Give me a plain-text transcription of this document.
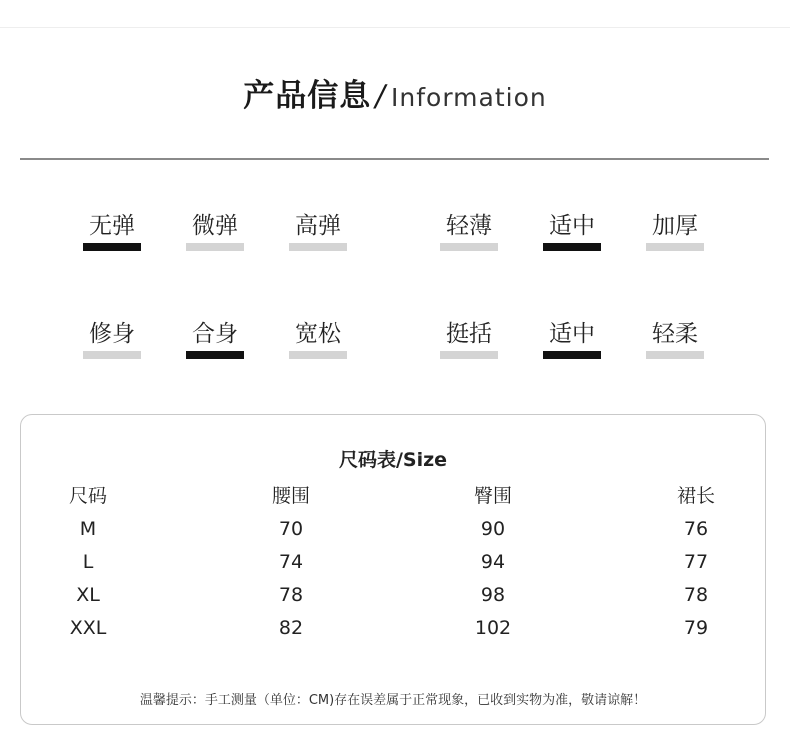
产品信息 / Information
无弹 微弹 高弹	轻薄 适中 加厚
修身 合身 宽松	挺括 适中 轻柔
尺码表/Size
尺码	腰围	臀围	裙长
M	70	90	76
L	74	94	77
XL	78	98	78
XXL	82	102	79
温馨提示：手工测量（单位：CM)存在误差属于正常现象，已收到实物为准，敬请谅解！
